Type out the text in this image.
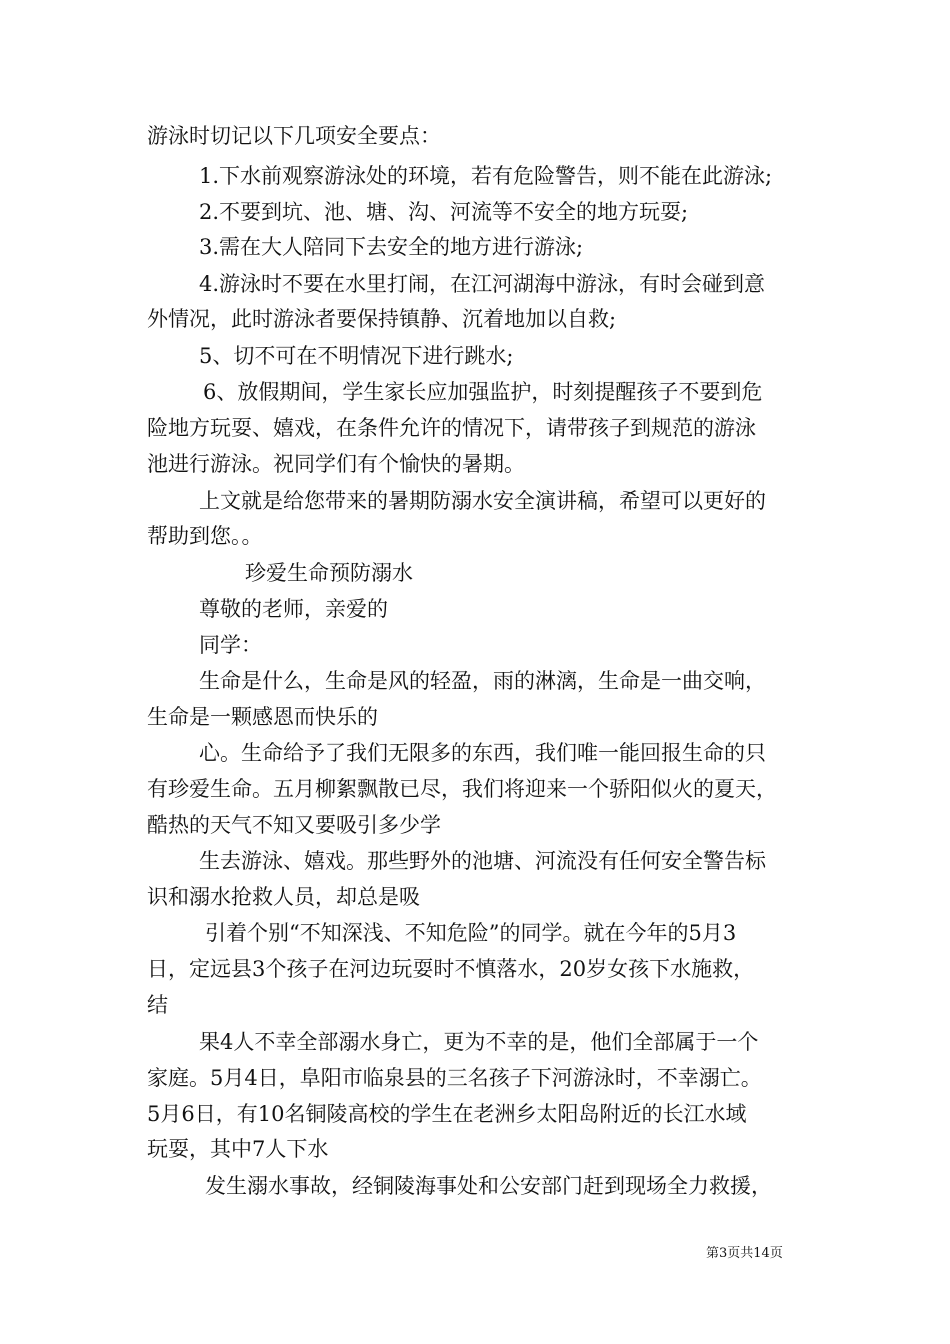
游泳时切记以下几项安全要点：
1.下水前观察游泳处的环境，若有危险警告，则不能在此游泳;
2.不要到坑、池、塘、沟、河流等不安全的地方玩耍;
3.需在大人陪同下去安全的地方进行游泳;
4.游泳时不要在水里打闹，在江河湖海中游泳，有时会碰到意
外情况，此时游泳者要保持镇静、沉着地加以自救;
5、切不可在不明情况下进行跳水;
6、放假期间，学生家长应加强监护，时刻提醒孩子不要到危
险地方玩耍、嬉戏，在条件允许的情况下，请带孩子到规范的游泳
池进行游泳。祝同学们有个愉快的暑期。
上文就是给您带来的暑期防溺水安全演讲稿，希望可以更好的
帮助到您。。
珍爱生命预防溺水
尊敬的老师，亲爱的
同学：
生命是什么，生命是风的轻盈，雨的淋漓，生命是一曲交响，
生命是一颗感恩而快乐的
心。生命给予了我们无限多的东西，我们唯一能回报生命的只
有珍爱生命。五月柳絮飘散已尽，我们将迎来一个骄阳似火的夏天，
酷热的天气不知又要吸引多少学
生去游泳、嬉戏。那些野外的池塘、河流没有任何安全警告标
识和溺水抢救人员，却总是吸
引着个别“不知深浅、不知危险”的同学。就在今年的5月3
日，定远县3个孩子在河边玩耍时不慎落水，20岁女孩下水施救，
结
果4人不幸全部溺水身亡，更为不幸的是，他们全部属于一个
家庭。5月4日，阜阳市临泉县的三名孩子下河游泳时，不幸溺亡。
5月6日，有10名铜陵高校的学生在老洲乡太阳岛附近的长江水域
玩耍，其中7人下水
发生溺水事故，经铜陵海事处和公安部门赶到现场全力救援，
第3页共14页
